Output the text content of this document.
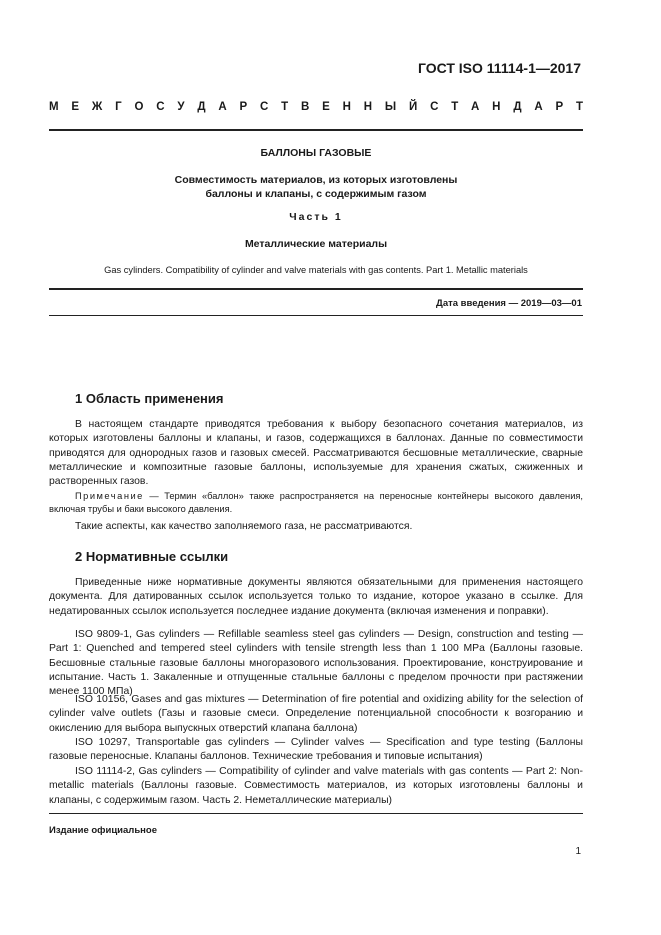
ГОСТ ISO 11114-1—2017
М Е Ж Г О С У Д А Р С Т В Е Н Н Ы Й С Т А Н Д А Р Т
БАЛЛОНЫ ГАЗОВЫЕ
Совместимость материалов, из которых изготовлены
баллоны и клапаны, с содержимым газом
Часть 1
Металлические материалы
Gas cylinders. Compatibility of cylinder and valve materials with gas contents. Part 1. Metallic materials
Дата введения — 2019—03—01
1 Область применения

В настоящем стандарте приводятся требования к выбору безопасного сочетания материалов, из которых изготовлены баллоны и клапаны, и газов, содержащихся в баллонах. Данные по совместимости приводятся для однородных газов и газовых смесей. Рассматриваются бесшовные металлические, сварные металлические и композитные газовые баллоны, используемые для хранения сжатых, сжиженных и растворенных газов.

Примечание — Термин «баллон» также распространяется на переносные контейнеры высокого давления, включая трубы и баки высокого давления.

Такие аспекты, как качество заполняемого газа, не рассматриваются.

2 Нормативные ссылки

Приведенные ниже нормативные документы являются обязательными для применения настоящего документа. Для датированных ссылок используется только то издание, которое указано в ссылке. Для недатированных ссылок используется последнее издание документа (включая изменения и поправки).

ISO 9809-1, Gas cylinders — Refillable seamless steel gas cylinders — Design, construction and testing — Part 1: Quenched and tempered steel cylinders with tensile strength less than 1 100 MPa (Баллоны газовые. Бесшовные стальные газовые баллоны многоразового использования. Проектирование, конструирование и испытание. Часть 1. Закаленные и отпущенные стальные баллоны с пределом прочности при растяжении менее 1100 МПа)

ISO 10156, Gases and gas mixtures — Determination of fire potential and oxidizing ability for the selection of cylinder valve outlets (Газы и газовые смеси. Определение потенциальной способности к возгоранию и окислению для выбора выпускных отверстий клапана баллона)

ISO 10297, Transportable gas cylinders — Cylinder valves — Specification and type testing (Баллоны газовые переносные. Клапаны баллонов. Технические требования и типовые испытания)

ISO 11114-2, Gas cylinders — Compatibility of cylinder and valve materials with gas contents — Part 2: Non-metallic materials (Баллоны газовые. Совместимость материалов, из которых изготовлены баллоны и клапаны, с содержимым газом. Часть 2. Неметаллические материалы)

Издание официальное
1
